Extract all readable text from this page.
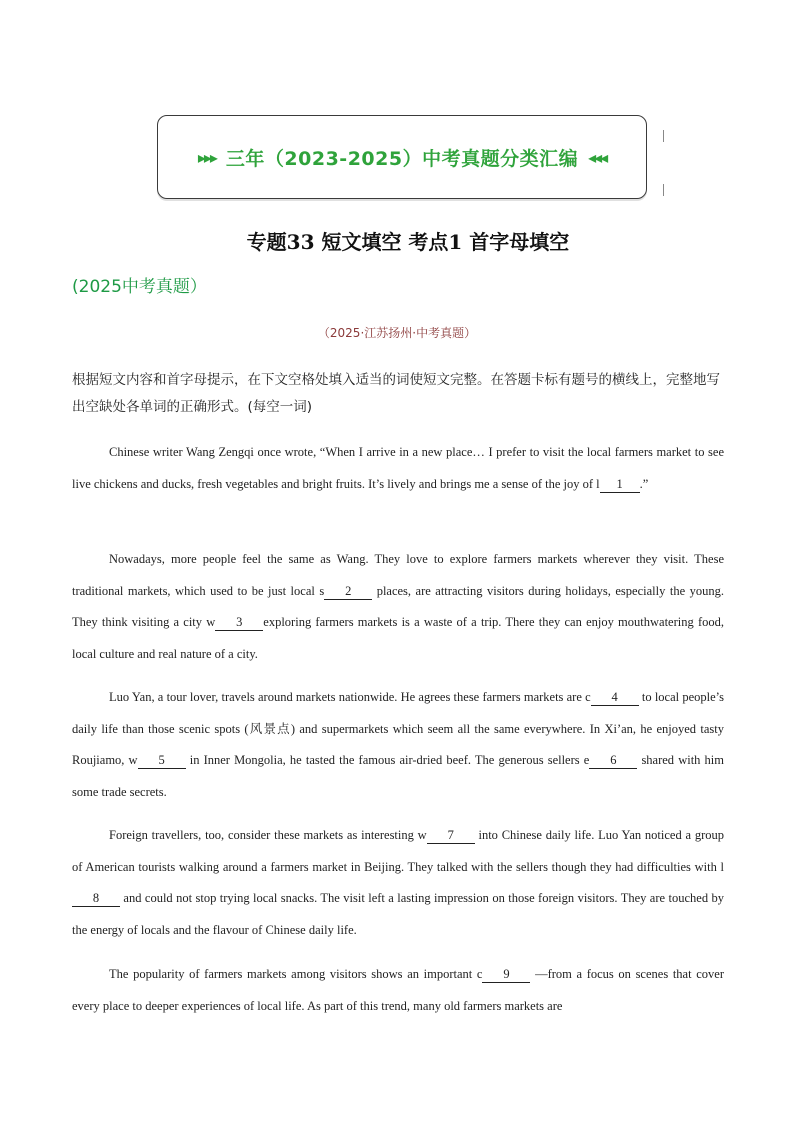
▸▸▸ 三年（2023-2025）中考真题分类汇编 ◂◂◂
专题33 短文填空 考点1 首字母填空
(2025中考真题）
（2025·江苏扬州·中考真题）
根据短文内容和首字母提示，在下文空格处填入适当的词使短文完整。在答题卡标有题号的横线上，完整地写出空缺处各单词的正确形式。(每空一词)
Chinese writer Wang Zengqi once wrote, “When I arrive in a new place… I prefer to visit the local farmers market to see live chickens and ducks, fresh vegetables and bright fruits. It’s lively and brings me a sense of the joy of l 1 .”
Nowadays, more people feel the same as Wang. They love to explore farmers markets wherever they visit. These traditional markets, which used to be just local s 2 places, are attracting visitors during holidays, especially the young. They think visiting a city w 3 exploring farmers markets is a waste of a trip. There they can enjoy mouthwatering food, local culture and real nature of a city.
Luo Yan, a tour lover, travels around markets nationwide. He agrees these farmers markets are c 4 to local people’s daily life than those scenic spots (风景点) and supermarkets which seem all the same everywhere. In Xi’an, he enjoyed tasty Roujiamo, w 5 in Inner Mongolia, he tasted the famous air-dried beef. The generous sellers e 6 shared with him some trade secrets.
Foreign travellers, too, consider these markets as interesting w 7 into Chinese daily life. Luo Yan noticed a group of American tourists walking around a farmers market in Beijing. They talked with the sellers though they had difficulties with l8 and could not stop trying local snacks. The visit left a lasting impression on those foreign visitors. They are touched by the energy of locals and the flavour of Chinese daily life.
The popularity of farmers markets among visitors shows an important c 9 —from a focus on scenes that cover every place to deeper experiences of local life. As part of this trend, many old farmers markets are
